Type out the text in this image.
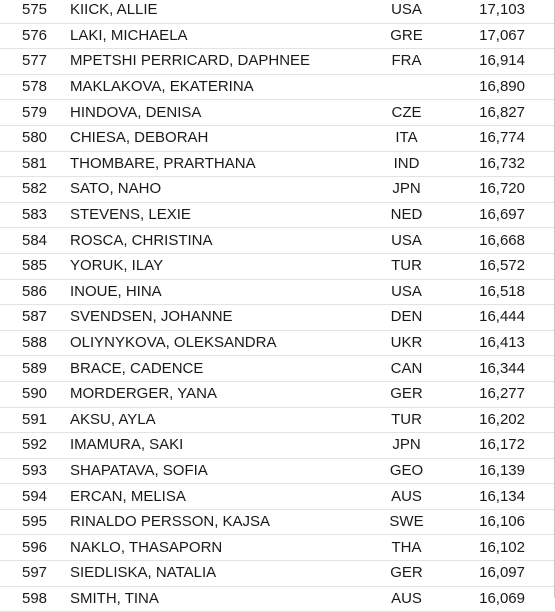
575	KIICK, ALLIE	USA	17,103
576	LAKI, MICHAELA	GRE	17,067
577	MPETSHI PERRICARD, DAPHNEE	FRA	16,914
578	MAKLAKOVA, EKATERINA		16,890
579	HINDOVA, DENISA	CZE	16,827
580	CHIESA, DEBORAH	ITA	16,774
581	THOMBARE, PRARTHANA	IND	16,732
582	SATO, NAHO	JPN	16,720
583	STEVENS, LEXIE	NED	16,697
584	ROSCA, CHRISTINA	USA	16,668
585	YORUK, ILAY	TUR	16,572
586	INOUE, HINA	USA	16,518
587	SVENDSEN, JOHANNE	DEN	16,444
588	OLIYNYKOVA, OLEKSANDRA	UKR	16,413
589	BRACE, CADENCE	CAN	16,344
590	MORDERGER, YANA	GER	16,277
591	AKSU, AYLA	TUR	16,202
592	IMAMURA, SAKI	JPN	16,172
593	SHAPATAVA, SOFIA	GEO	16,139
594	ERCAN, MELISA	AUS	16,134
595	RINALDO PERSSON, KAJSA	SWE	16,106
596	NAKLO, THASAPORN	THA	16,102
597	SIEDLISKA, NATALIA	GER	16,097
598	SMITH, TINA	AUS	16,069
